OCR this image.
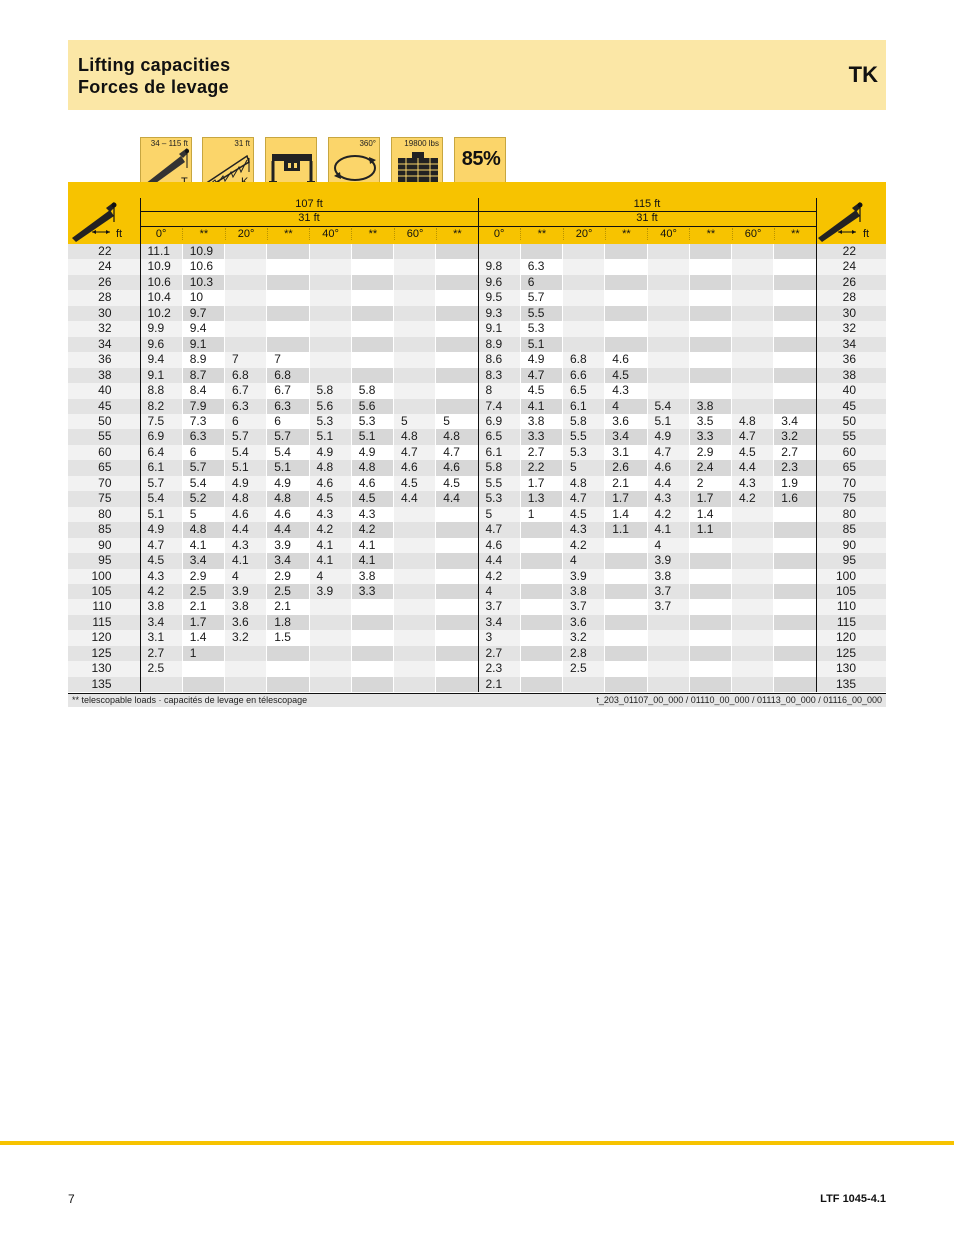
Lifting capacities
Forces de levage	TK
34 – 115 ft	31 ft	360°	19800 lbs
85%
ft	ft
107 ft
31 ft
115 ft
31 ft
0°	**	20°	**	40°	**	60°	**	0°	**	20°	**	40°	**	60°	**
22	11.1	10.9															22
24	10.9	10.6							9.8	6.3							24
26	10.6	10.3							9.6	6							26
28	10.4	10							9.5	5.7							28
30	10.2	9.7							9.3	5.5							30
32	9.9	9.4							9.1	5.3							32
34	9.6	9.1							8.9	5.1							34
36	9.4	8.9	7	7					8.6	4.9	6.8	4.6					36
38	9.1	8.7	6.8	6.8					8.3	4.7	6.6	4.5					38
40	8.8	8.4	6.7	6.7	5.8	5.8			8	4.5	6.5	4.3					40
45	8.2	7.9	6.3	6.3	5.6	5.6			7.4	4.1	6.1	4	5.4	3.8			45
50	7.5	7.3	6	6	5.3	5.3	5	5	6.9	3.8	5.8	3.6	5.1	3.5	4.8	3.4	50
55	6.9	6.3	5.7	5.7	5.1	5.1	4.8	4.8	6.5	3.3	5.5	3.4	4.9	3.3	4.7	3.2	55
60	6.4	6	5.4	5.4	4.9	4.9	4.7	4.7	6.1	2.7	5.3	3.1	4.7	2.9	4.5	2.7	60
65	6.1	5.7	5.1	5.1	4.8	4.8	4.6	4.6	5.8	2.2	5	2.6	4.6	2.4	4.4	2.3	65
70	5.7	5.4	4.9	4.9	4.6	4.6	4.5	4.5	5.5	1.7	4.8	2.1	4.4	2	4.3	1.9	70
75	5.4	5.2	4.8	4.8	4.5	4.5	4.4	4.4	5.3	1.3	4.7	1.7	4.3	1.7	4.2	1.6	75
80	5.1	5	4.6	4.6	4.3	4.3			5	1	4.5	1.4	4.2	1.4			80
85	4.9	4.8	4.4	4.4	4.2	4.2			4.7		4.3	1.1	4.1	1.1			85
90	4.7	4.1	4.3	3.9	4.1	4.1			4.6		4.2		4				90
95	4.5	3.4	4.1	3.4	4.1	4.1			4.4		4		3.9				95
100	4.3	2.9	4	2.9	4	3.8			4.2		3.9		3.8				100
105	4.2	2.5	3.9	2.5	3.9	3.3			4		3.8		3.7				105
110	3.8	2.1	3.8	2.1					3.7		3.7		3.7				110
115	3.4	1.7	3.6	1.8					3.4		3.6						115
120	3.1	1.4	3.2	1.5					3		3.2						120
125	2.7	1							2.7		2.8						125
130	2.5								2.3		2.5						130
135									2.1								135
** telescopable loads · capacités de levage en télescopage	t_203_01107_00_000 / 01110_00_000 / 01113_00_000 / 01116_00_000
7	LTF 1045-4.1
